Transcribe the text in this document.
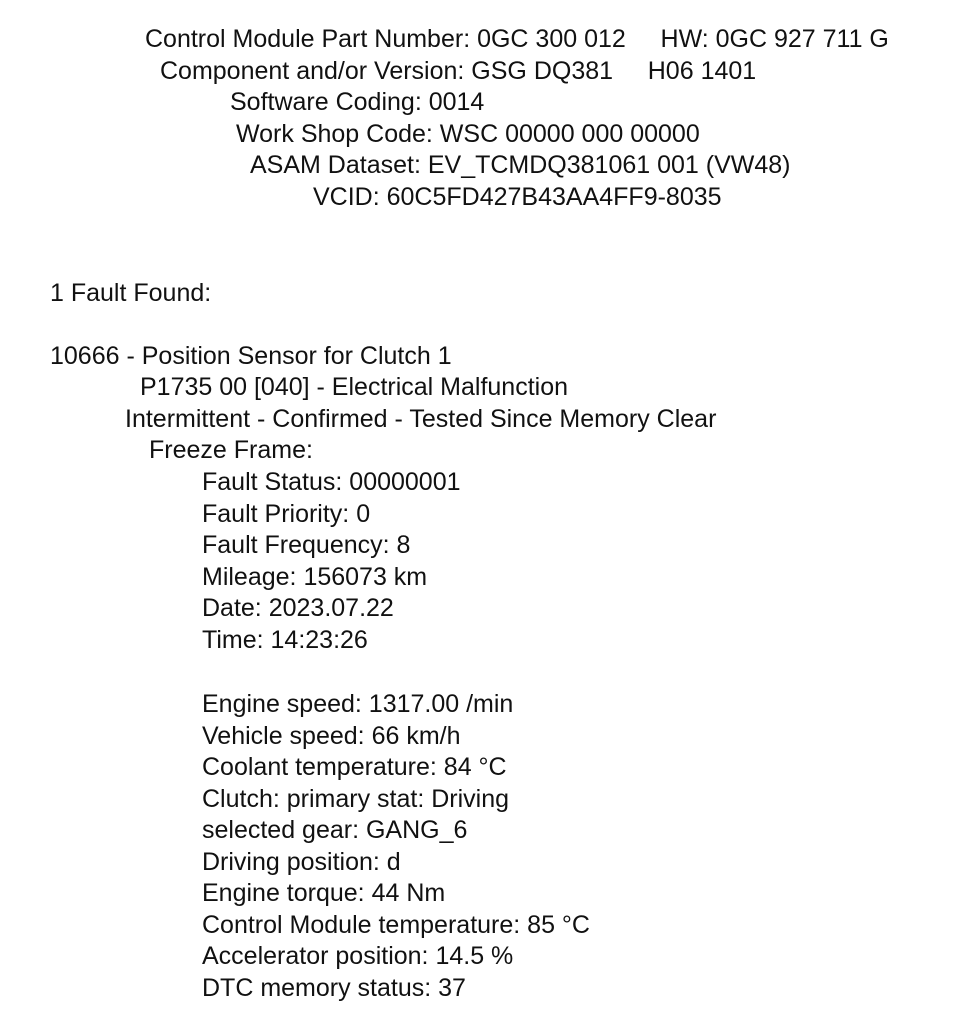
Control Module Part Number: 0GC 300 012     HW: 0GC 927 711 G
Component and/or Version: GSG DQ381     H06 1401
Software Coding: 0014
Work Shop Code: WSC 00000 000 00000
ASAM Dataset: EV_TCMDQ381061 001 (VW48)
VCID: 60C5FD427B43AA4FF9-8035
1 Fault Found:
10666 - Position Sensor for Clutch 1
P1735 00 [040] - Electrical Malfunction
Intermittent - Confirmed - Tested Since Memory Clear
Freeze Frame:
Fault Status: 00000001
Fault Priority: 0
Fault Frequency: 8
Mileage: 156073 km
Date: 2023.07.22
Time: 14:23:26
Engine speed: 1317.00 /min
Vehicle speed: 66 km/h
Coolant temperature: 84 °C
Clutch: primary stat: Driving
selected gear: GANG_6
Driving position: d
Engine torque: 44 Nm
Control Module temperature: 85 °C
Accelerator position: 14.5 %
DTC memory status: 37
